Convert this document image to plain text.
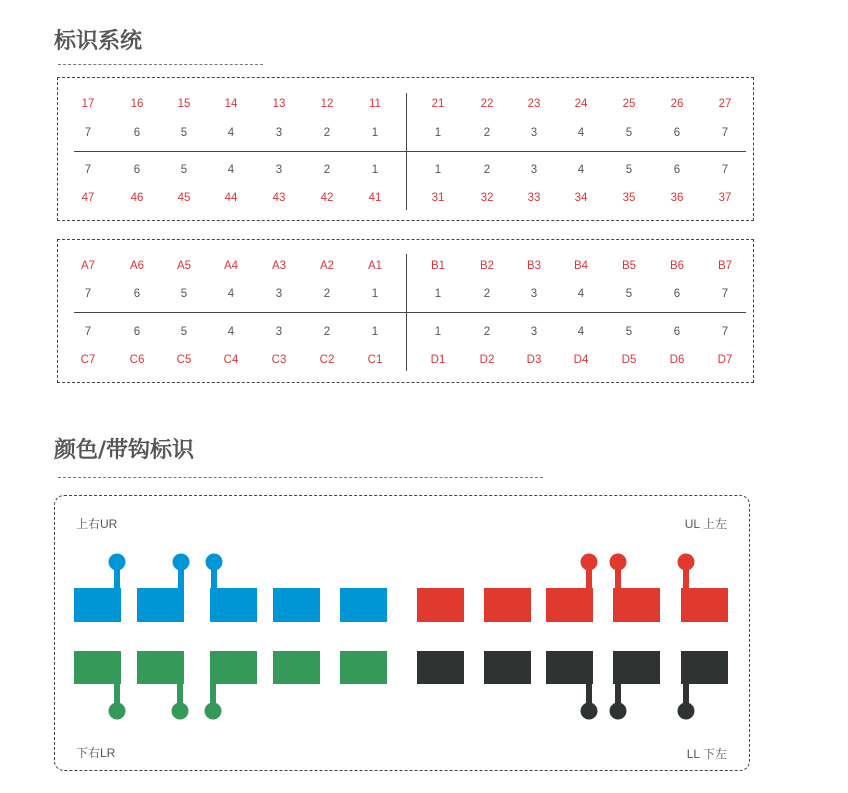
标识系统
17	16	15	14	13	12	11	21	22	23	24	25	26	27
7	6	5	4	3	2	1	1	2	3	4	5	6	7
7	6	5	4	3	2	1	1	2	3	4	5	6	7
47	46	45	44	43	42	41	31	32	33	34	35	36	37
A7	A6	A5	A4	A3	A2	A1	B1	B2	B3	B4	B5	B6	B7
7	6	5	4	3	2	1	1	2	3	4	5	6	7
7	6	5	4	3	2	1	1	2	3	4	5	6	7
C7	C6	C5	C4	C3	C2	C1	D1	D2	D3	D4	D5	D6	D7
颜色/带钩标识
上右UR	UL 上左
下右LR	LL 下左
